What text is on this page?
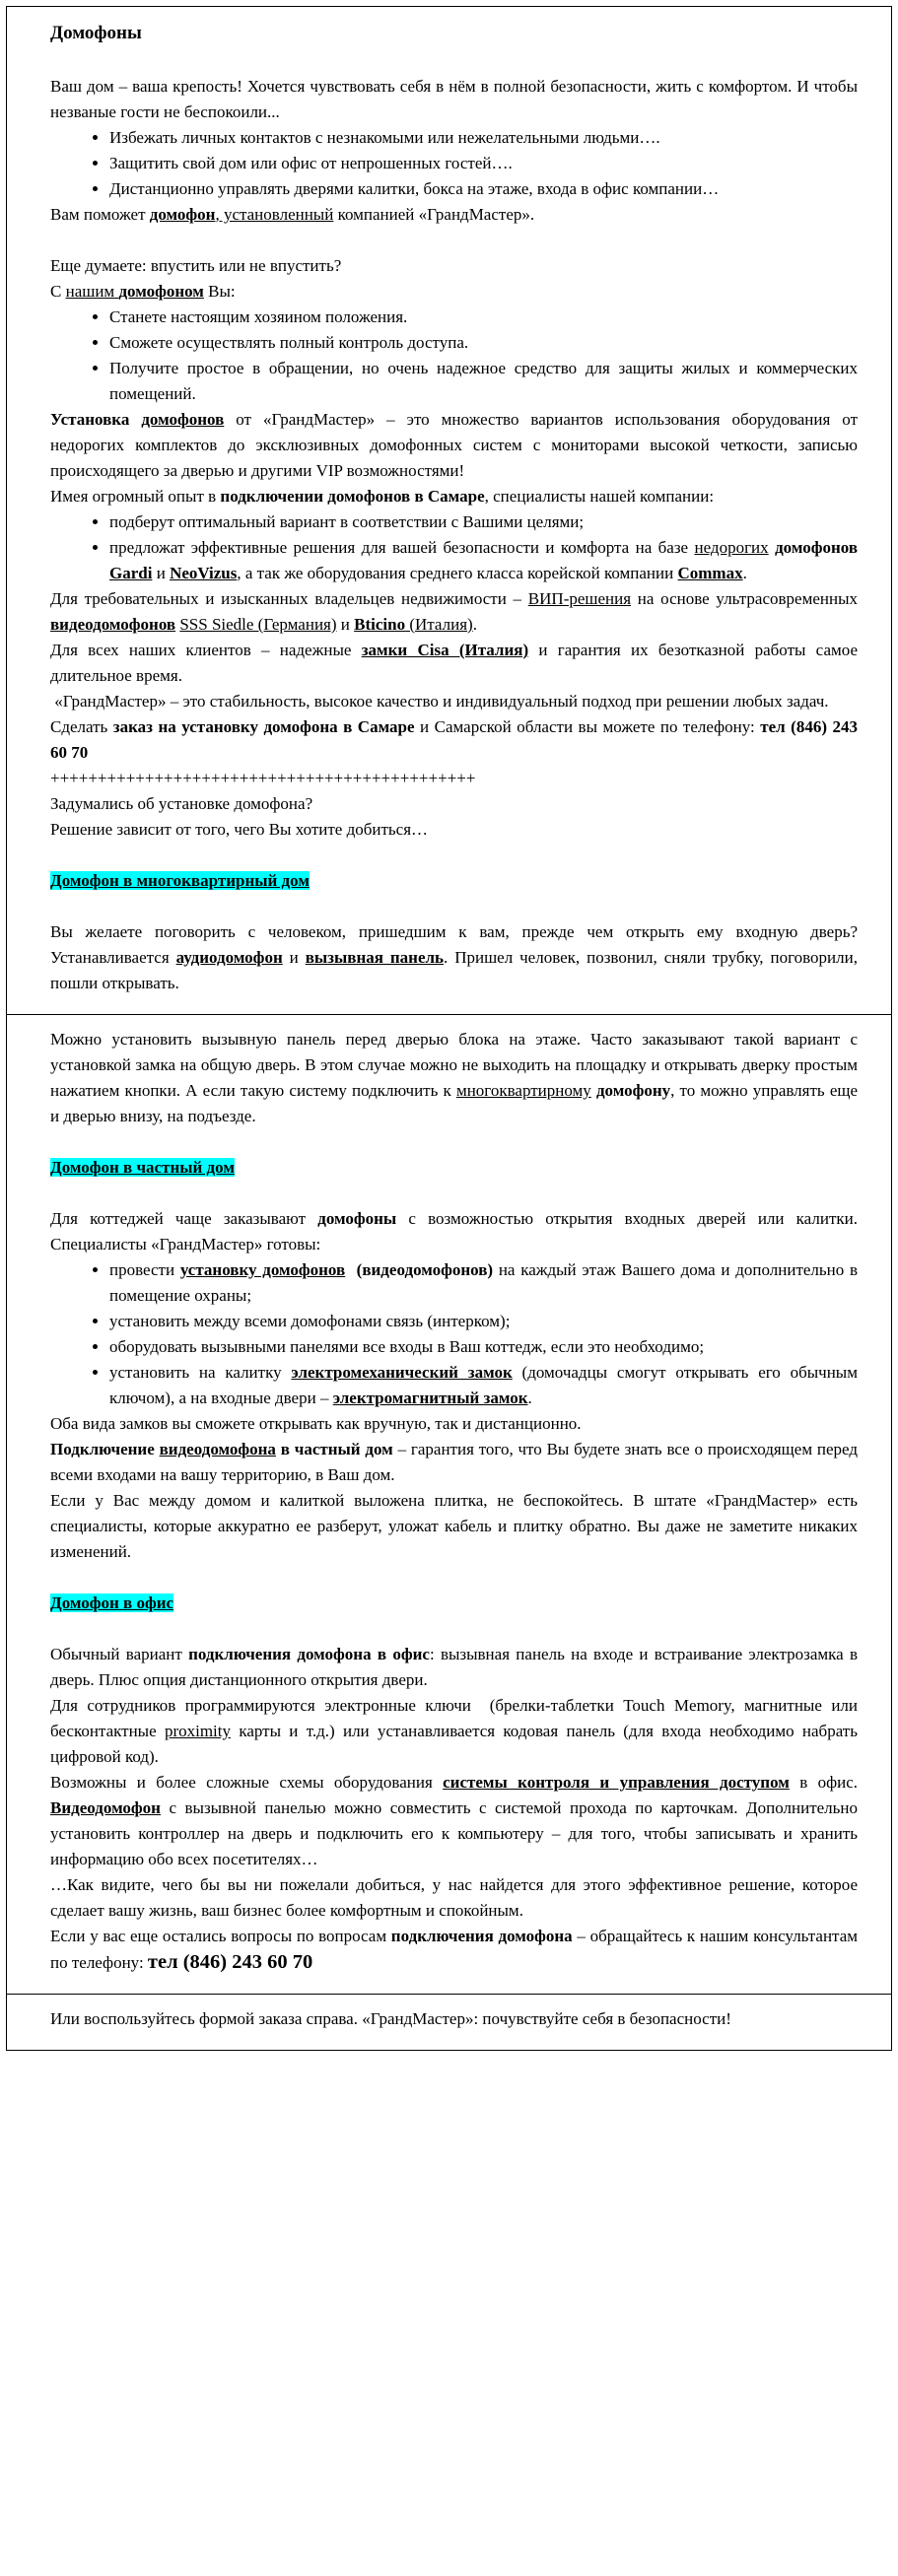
Домофоны

Ваш дом – ваша крепость! Хочется чувствовать себя в нём в полной безопасности, жить с комфортом. И чтобы незваные гости не беспокоили...

• Избежать личных контактов с незнакомыми или нежелательными людьми….
• Защитить свой дом или офис от непрошенных гостей….
• Дистанционно управлять дверями калитки, бокса на этаже, входа в офис компании…

Вам поможет домофон, установленный компанией «ГрандМастер».

Еще думаете: впустить или не впустить?

С нашим домофоном Вы:

• Станете настоящим хозяином положения.
• Сможете осуществлять полный контроль доступа.
• Получите простое в обращении, но очень надежное средство для защиты жилых и коммерческих помещений.

Установка домофонов от «ГрандМастер» – это множество вариантов использования оборудования от недорогих комплектов до эксклюзивных домофонных систем с мониторами высокой четкости, записью происходящего за дверью и другими VIP возможностями!

Имея огромный опыт в подключении домофонов в Самаре, специалисты нашей компании:

• подберут оптимальный вариант в соответствии с Вашими целями;
• предложат эффективные решения для вашей безопасности и комфорта на базе недорогих домофонов Gardi и NeoVizus, а так же оборудования среднего класса корейской компании Commax.

Для требовательных и изысканных владельцев недвижимости – ВИП-решения на основе ультрасовременных видеодомофонов SSS Siedle (Германия) и Bticino (Италия).

Для всех наших клиентов – надежные замки Cisa (Италия) и гарантия их безотказной работы самое длительное время.

«ГрандМастер» – это стабильность, высокое качество и индивидуальный подход при решении любых задач.

Сделать заказ на установку домофона в Самаре и Самарской области вы можете по телефону: тел (846) 243 60 70

+++++++++++++++++++++++++++++++++++++++++++++

Задумались об установке домофона?

Решение зависит от того, чего Вы хотите добиться…

Домофон в многоквартирный дом

Вы желаете поговорить с человеком, пришедшим к вам, прежде чем открыть ему входную дверь? Устанавливается аудиодомофон и вызывная панель. Пришел человек, позвонил, сняли трубку, поговорили, пошли открывать.

Можно установить вызывную панель перед дверью блока на этаже. Часто заказывают такой вариант с установкой замка на общую дверь. В этом случае можно не выходить на площадку и открывать дверку простым нажатием кнопки. А если такую систему подключить к многоквартирному домофону, то можно управлять еще и дверью внизу, на подъезде.

Домофон в частный дом

Для коттеджей чаще заказывают домофоны с возможностью открытия входных дверей или калитки. Специалисты «ГрандМастер» готовы:

• провести установку домофонов (видеодомофонов) на каждый этаж Вашего дома и дополнительно в помещение охраны;
• установить между всеми домофонами связь (интерком);
• оборудовать вызывными панелями все входы в Ваш коттедж, если это необходимо;
• установить на калитку электромеханический замок (домочадцы смогут открывать его обычным ключом), а на входные двери – электромагнитный замок.

Оба вида замков вы сможете открывать как вручную, так и дистанционно.

Подключение видеодомофона в частный дом – гарантия того, что Вы будете знать все о происходящем перед всеми входами на вашу территорию, в Ваш дом.

Если у Вас между домом и калиткой выложена плитка, не беспокойтесь. В штате «ГрандМастер» есть специалисты, которые аккуратно ее разберут, уложат кабель и плитку обратно. Вы даже не заметите никаких изменений.

Домофон в офис

Обычный вариант подключения домофона в офис: вызывная панель на входе и встраивание электрозамка в дверь. Плюс опция дистанционного открытия двери.

Для сотрудников программируются электронные ключи  (брелки-таблетки Touch Memory, магнитные или бесконтактные proximity карты и т.д.) или устанавливается кодовая панель (для входа необходимо набрать цифровой код).

Возможны и более сложные схемы оборудования системы контроля и управления доступом в офис. Видеодомофон с вызывной панелью можно совместить с системой прохода по карточкам. Дополнительно установить контроллер на дверь и подключить его к компьютеру – для того, чтобы записывать и хранить информацию обо всех посетителях…

…Как видите, чего бы вы ни пожелали добиться, у нас найдется для этого эффективное решение, которое сделает вашу жизнь, ваш бизнес более комфортным и спокойным.

Если у вас еще остались вопросы по вопросам подключения домофона – обращайтесь к нашим консультантам по телефону: тел (846) 243 60 70

Или воспользуйтесь формой заказа справа. «ГрандМастер»: почувствуйте себя в безопасности!
